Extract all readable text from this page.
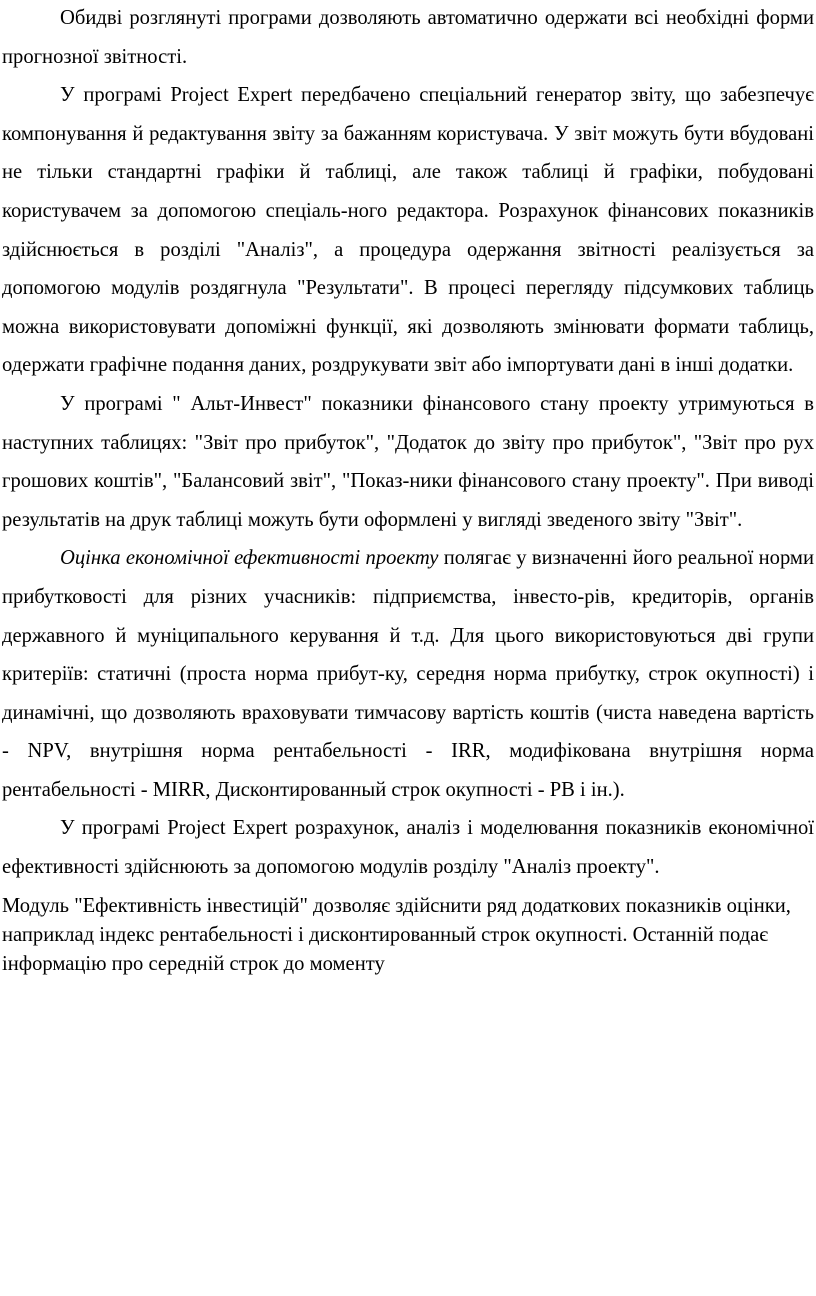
Обидві розглянуті програми дозволяють автоматично одержати всі необхідні форми прогнозної звітності.

У програмі Project Expert передбачено спеціальний генератор звіту, що забезпечує компонування й редактування звіту за бажанням користувача. У звіт можуть бути вбудовані не тільки стандартні графіки й таблиці, але також таблиці й графіки, побудовані користувачем за допомогою спеціаль-ного редактора. Розрахунок фінансових показників здійснюється в розділі "Аналіз", а процедура одержання звітності реалізується за допомогою модулів роздягнула "Результати". В процесі перегляду підсумкових таблиць можна використовувати допоміжні функції, які дозволяють змінювати формати таблиць, одержати графічне подання даних, роздрукувати звіт або імпортувати дані в інші додатки.

У програмі " Альт-Инвест" показники фінансового стану проекту утримуються в наступних таблицях: "Звіт про прибуток", "Додаток до звіту про прибуток", "Звіт про рух грошових коштів", "Балансовий звіт", "Показ-ники фінансового стану проекту". При виводі результатів на друк таблиці можуть бути оформлені у вигляді зведеного звіту "Звіт".

Оцінка економічної ефективності проекту полягає у визначенні його реальної норми прибутковості для різних учасників: підприємства, інвесто-рів, кредиторів, органів державного й муніципального керування й т.д. Для цього використовуються дві групи критеріїв: статичні (проста норма прибут-ку, середня норма прибутку, строк окупності) і динамічні, що дозволяють враховувати тимчасову вартість коштів (чиста наведена вартість - NPV, внутрішня норма рентабельності - IRR, модифікована внутрішня норма рентабельності - MIRR, Дисконтированный строк окупності - PB і ін.).

У програмі Project Expert розрахунок, аналіз і моделювання показників економічної ефективності здійснюють за допомогою модулів розділу "Аналіз проекту".

Модуль "Ефективність інвестицій" дозволяє здійснити ряд додаткових показників оцінки, наприклад індекс рентабельності і дисконтированный строк окупності. Останній подає інформацію про середній строк до моменту
